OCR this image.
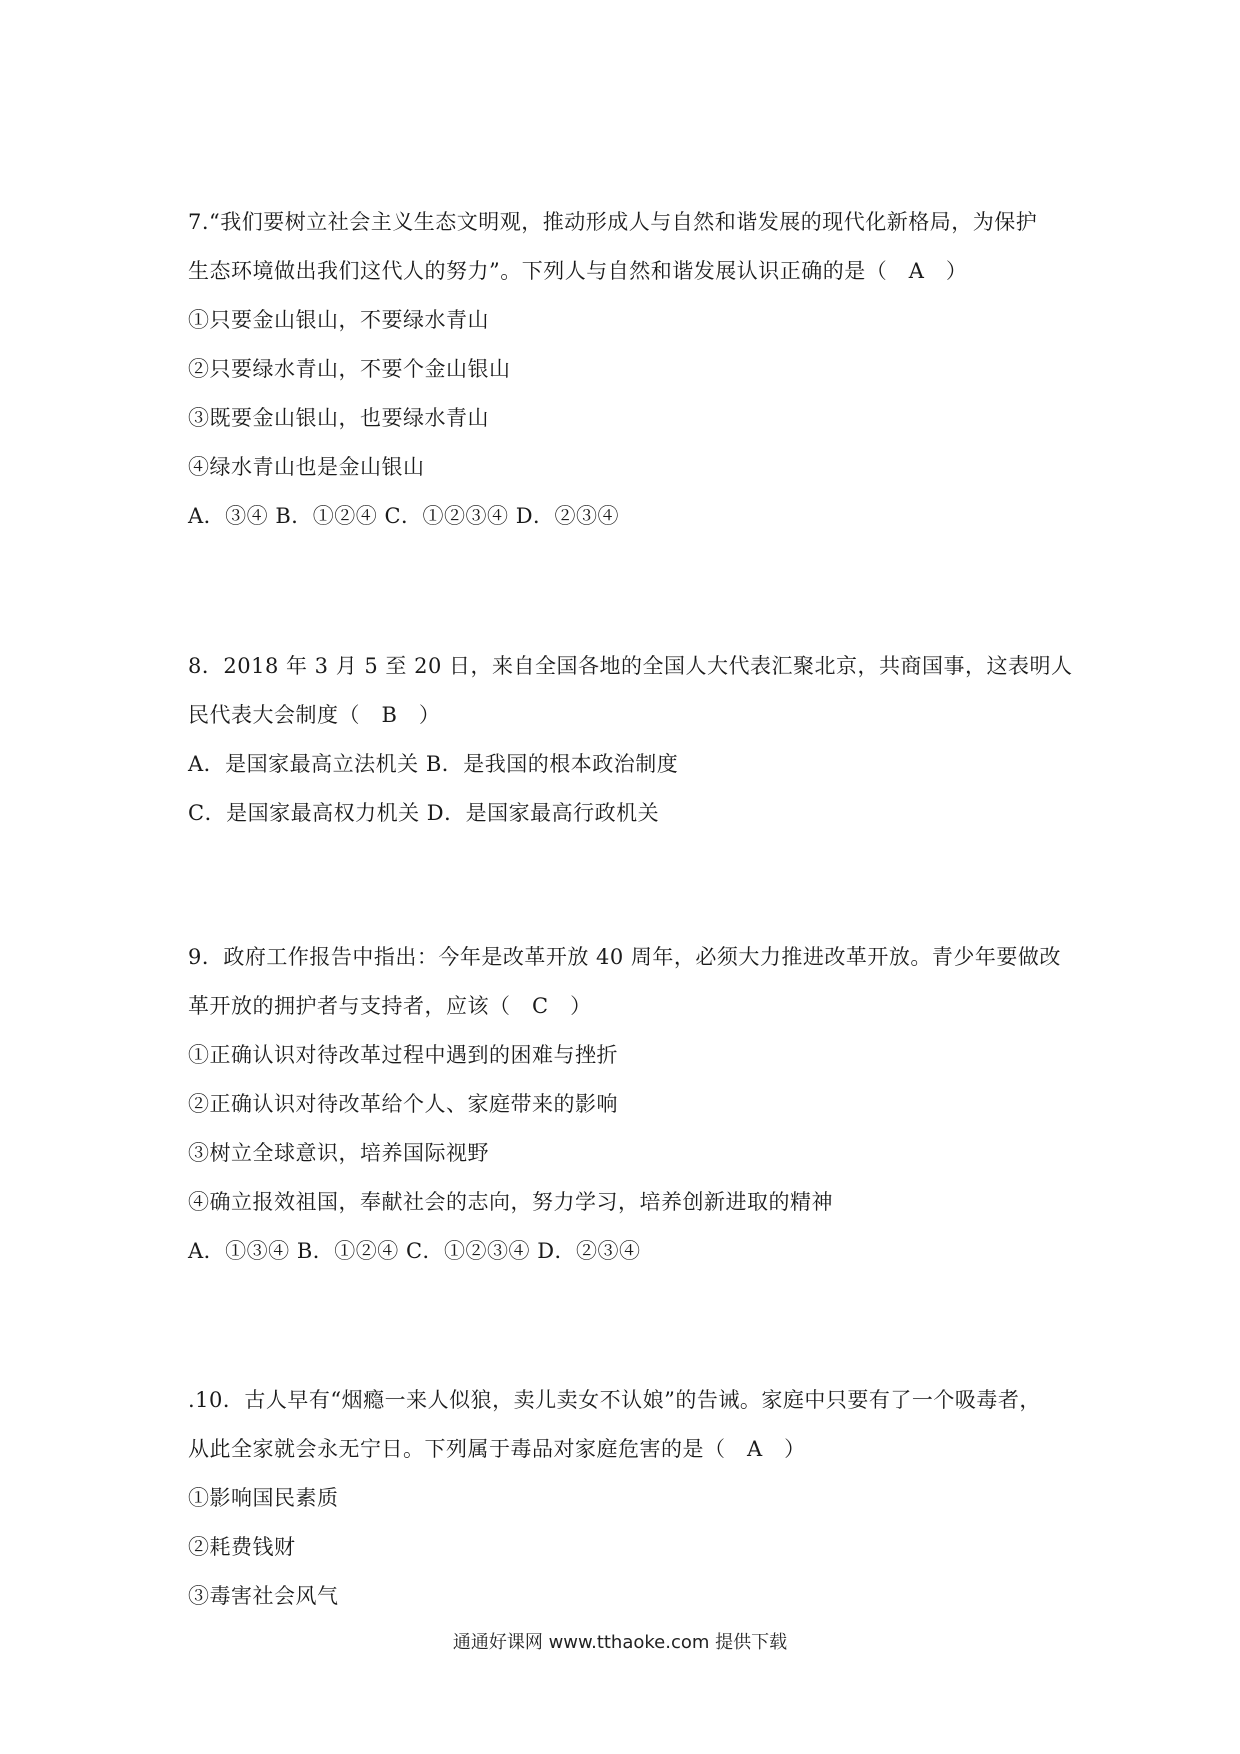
7.“我们要树立社会主义生态文明观，推动形成人与自然和谐发展的现代化新格局，为保护
生态环境做出我们这代人的努力”。下列人与自然和谐发展认识正确的是（　A　）
①只要金山银山，不要绿水青山
②只要绿水青山，不要个金山银山
③既要金山银山，也要绿水青山
④绿水青山也是金山银山
A．③④ B．①②④ C．①②③④ D．②③④
8．2018 年 3 月 5 至 20 日，来自全国各地的全国人大代表汇聚北京，共商国事，这表明人
民代表大会制度（　B　）
A．是国家最高立法机关 B．是我国的根本政治制度
C．是国家最高权力机关 D．是国家最高行政机关
9．政府工作报告中指出：今年是改革开放 40 周年，必须大力推进改革开放。青少年要做改
革开放的拥护者与支持者，应该（　C　）
①正确认识对待改革过程中遇到的困难与挫折
②正确认识对待改革给个人、家庭带来的影响
③树立全球意识，培养国际视野
④确立报效祖国，奉献社会的志向，努力学习，培养创新进取的精神
A．①③④ B．①②④ C．①②③④ D．②③④
.10．古人早有“烟瘾一来人似狼，卖儿卖女不认娘”的告诫。家庭中只要有了一个吸毒者，
从此全家就会永无宁日。下列属于毒品对家庭危害的是（　A　）
①影响国民素质
②耗费钱财
③毒害社会风气
通通好课网 www.tthaoke.com 提供下载
